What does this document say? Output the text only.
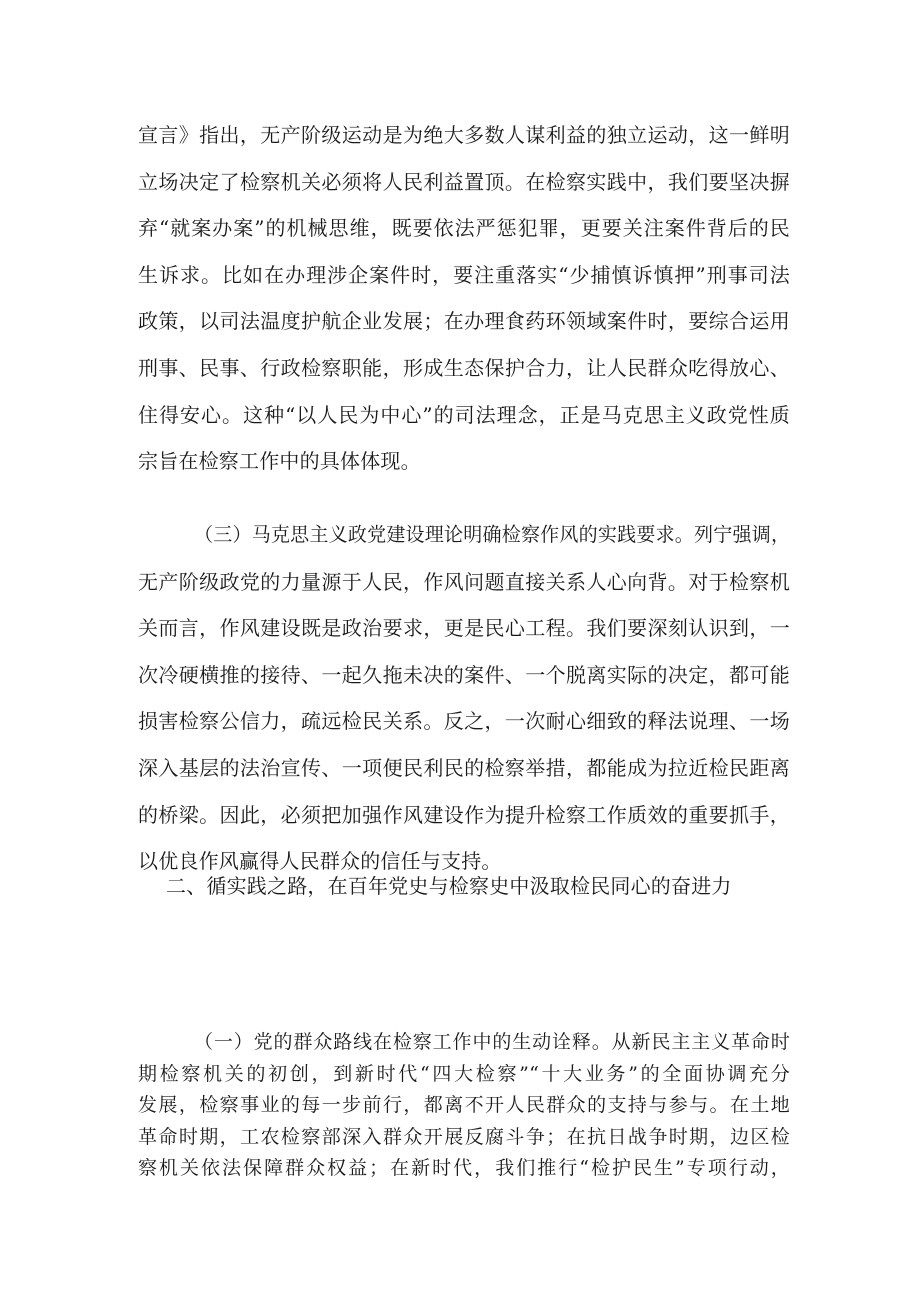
宣言》指出，无产阶级运动是为绝大多数人谋利益的独立运动，这一鲜明
立场决定了检察机关必须将人民利益置顶。在检察实践中，我们要坚决摒
弃“就案办案”的机械思维，既要依法严惩犯罪，更要关注案件背后的民
生诉求。比如在办理涉企案件时，要注重落实“少捕慎诉慎押”刑事司法
政策，以司法温度护航企业发展；在办理食药环领域案件时，要综合运用
刑事、民事、行政检察职能，形成生态保护合力，让人民群众吃得放心、
住得安心。这种“以人民为中心”的司法理念，正是马克思主义政党性质
宗旨在检察工作中的具体体现。
（三）马克思主义政党建设理论明确检察作风的实践要求。列宁强调，
无产阶级政党的力量源于人民，作风问题直接关系人心向背。对于检察机
关而言，作风建设既是政治要求，更是民心工程。我们要深刻认识到，一
次冷硬横推的接待、一起久拖未决的案件、一个脱离实际的决定，都可能
损害检察公信力，疏远检民关系。反之，一次耐心细致的释法说理、一场
深入基层的法治宣传、一项便民利民的检察举措，都能成为拉近检民距离
的桥梁。因此，必须把加强作风建设作为提升检察工作质效的重要抓手，
以优良作风赢得人民群众的信任与支持。
二、循实践之路，在百年党史与检察史中汲取检民同心的奋进力
（一）党的群众路线在检察工作中的生动诠释。从新民主主义革命时
期检察机关的初创，到新时代“四大检察”“十大业务”的全面协调充分
发展，检察事业的每一步前行，都离不开人民群众的支持与参与。在土地
革命时期，工农检察部深入群众开展反腐斗争；在抗日战争时期，边区检
察机关依法保障群众权益；在新时代，我们推行“检护民生”专项行动，
